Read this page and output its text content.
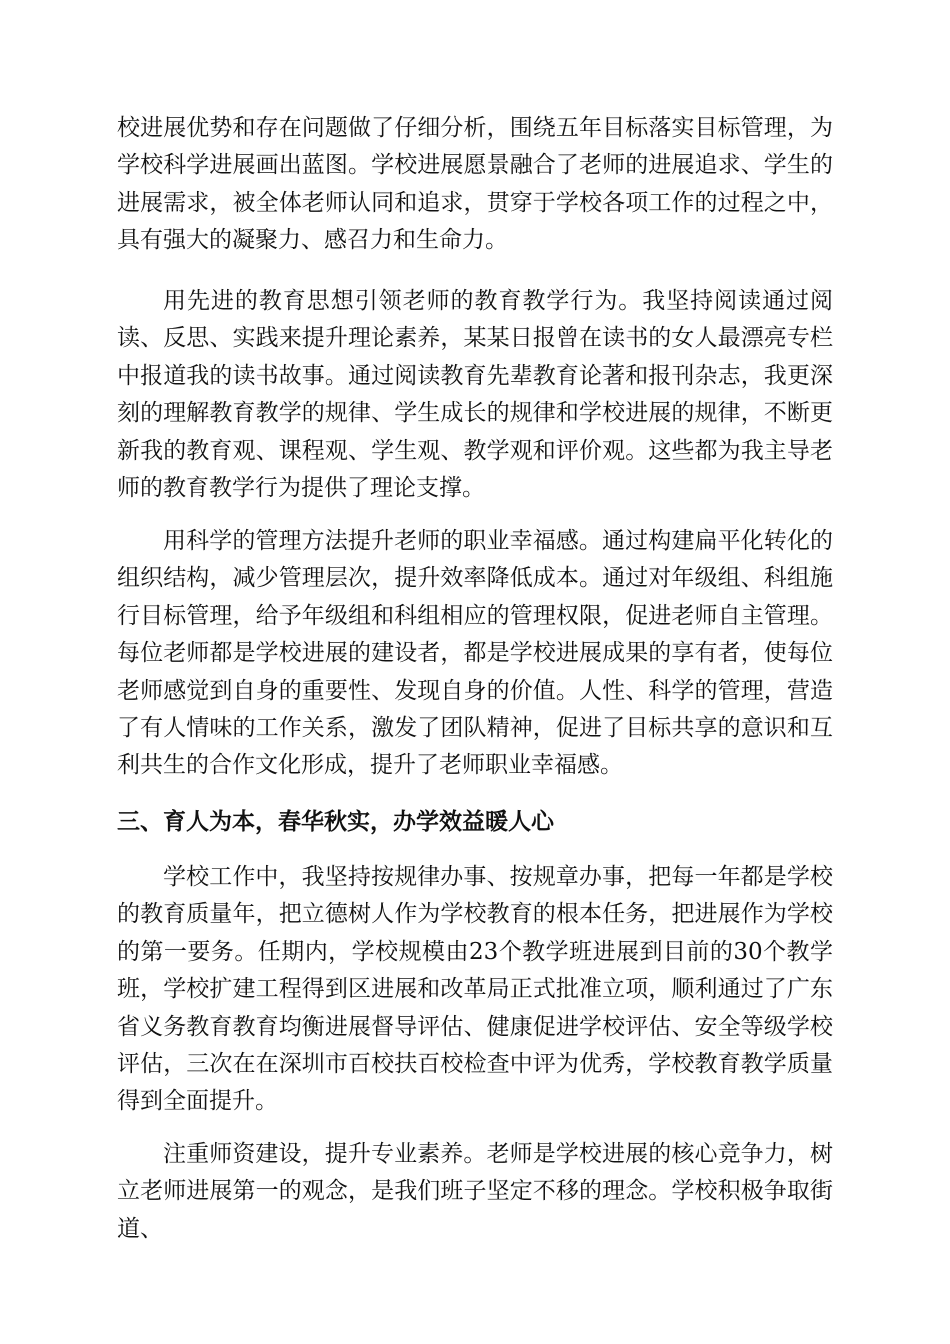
校进展优势和存在问题做了仔细分析，围绕五年目标落实目标管理，为学校科学进展画出蓝图。学校进展愿景融合了老师的进展追求、学生的进展需求，被全体老师认同和追求，贯穿于学校各项工作的过程之中，具有强大的凝聚力、感召力和生命力。

用先进的教育思想引领老师的教育教学行为。我坚持阅读通过阅读、反思、实践来提升理论素养，某某日报曾在读书的女人最漂亮专栏中报道我的读书故事。通过阅读教育先辈教育论著和报刊杂志，我更深刻的理解教育教学的规律、学生成长的规律和学校进展的规律，不断更新我的教育观、课程观、学生观、教学观和评价观。这些都为我主导老师的教育教学行为提供了理论支撑。

用科学的管理方法提升老师的职业幸福感。通过构建扁平化转化的组织结构，减少管理层次，提升效率降低成本。通过对年级组、科组施行目标管理，给予年级组和科组相应的管理权限，促进老师自主管理。每位老师都是学校进展的建设者，都是学校进展成果的享有者，使每位老师感觉到自身的重要性、发现自身的价值。人性、科学的管理，营造了有人情味的工作关系，激发了团队精神，促进了目标共享的意识和互利共生的合作文化形成，提升了老师职业幸福感。

三、育人为本，春华秋实，办学效益暖人心

学校工作中，我坚持按规律办事、按规章办事，把每一年都是学校的教育质量年，把立德树人作为学校教育的根本任务，把进展作为学校的第一要务。任期内，学校规模由23个教学班进展到目前的30个教学班，学校扩建工程得到区进展和改革局正式批准立项，顺利通过了广东省义务教育教育均衡进展督导评估、健康促进学校评估、安全等级学校评估，三次在在深圳市百校扶百校检查中评为优秀，学校教育教学质量得到全面提升。

注重师资建设，提升专业素养。老师是学校进展的核心竞争力，树立老师进展第一的观念，是我们班子坚定不移的理念。学校积极争取街道、
